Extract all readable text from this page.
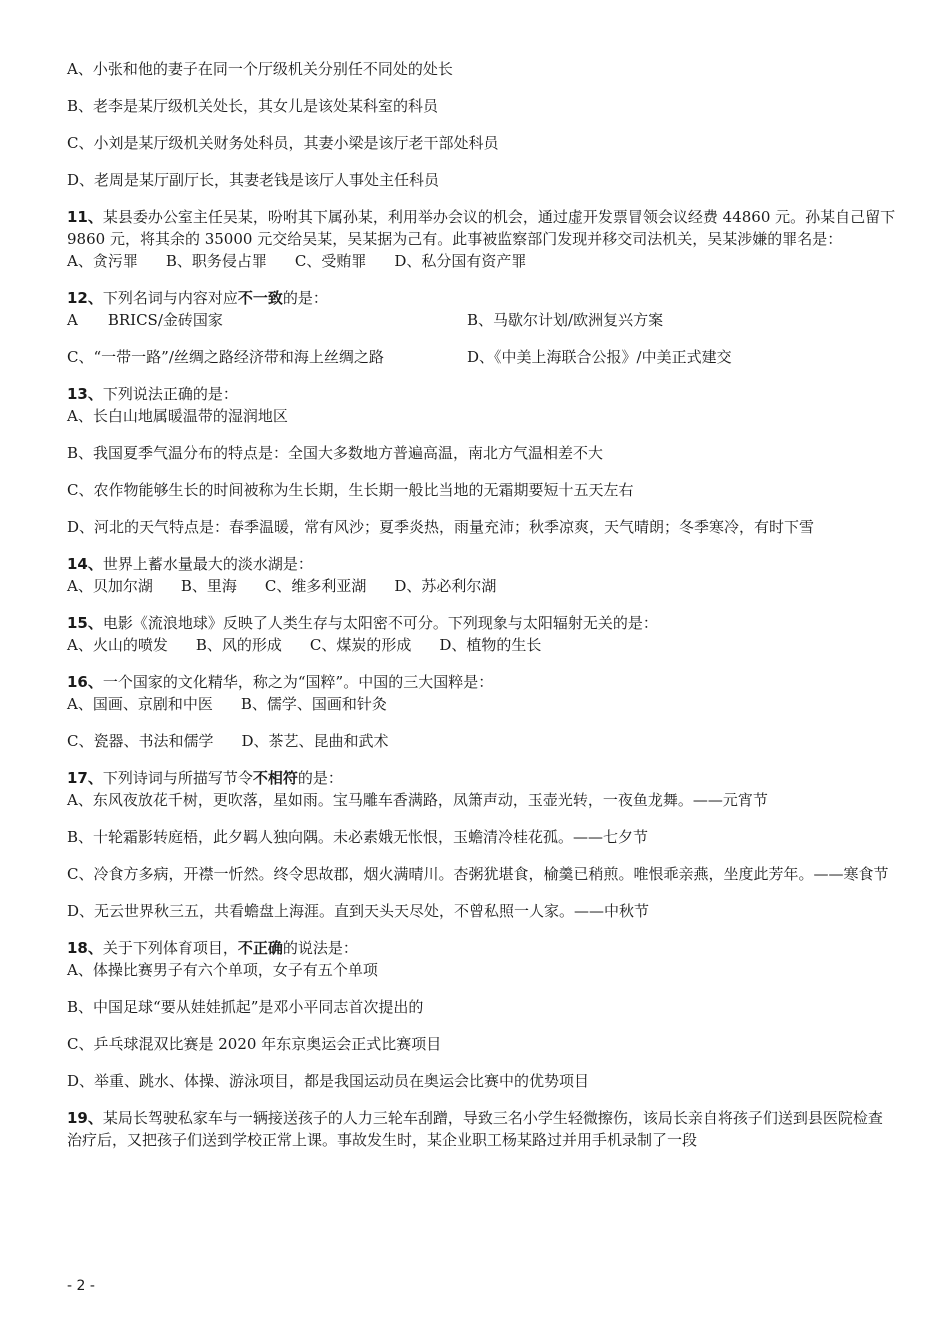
A、小张和他的妻子在同一个厅级机关分别任不同处的处长

B、老李是某厅级机关处长，其女儿是该处某科室的科员

C、小刘是某厅级机关财务处科员，其妻小梁是该厅老干部处科员

D、老周是某厅副厅长，其妻老钱是该厅人事处主任科员

11、某县委办公室主任吴某，吩咐其下属孙某，利用举办会议的机会，通过虚开发票冒领会议经费 44860 元。孙某自己留下 9860 元，将其余的 35000 元交给吴某，吴某据为己有。此事被监察部门发现并移交司法机关，吴某涉嫌的罪名是：

A、贪污罪 B、职务侵占罪 C、受贿罪 D、私分国有资产罪

12、下列名词与内容对应不一致的是：

A　　BRICS/金砖国家	B、马歇尔计划/欧洲复兴方案
C、“一带一路”/丝绸之路经济带和海上丝绸之路	D、《中美上海联合公报》/中美正式建交

13、下列说法正确的是：

A、长白山地属暖温带的湿润地区

B、我国夏季气温分布的特点是：全国大多数地方普遍高温，南北方气温相差不大

C、农作物能够生长的时间被称为生长期，生长期一般比当地的无霜期要短十五天左右

D、河北的天气特点是：春季温暖，常有风沙；夏季炎热，雨量充沛；秋季凉爽，天气晴朗；冬季寒冷，有时下雪

14、世界上蓄水量最大的淡水湖是：

A、贝加尔湖 B、里海 C、维多利亚湖 D、苏必利尔湖

15、电影《流浪地球》反映了人类生存与太阳密不可分。下列现象与太阳辐射无关的是：

A、火山的喷发 B、风的形成 C、煤炭的形成 D、植物的生长

16、一个国家的文化精华，称之为“国粹”。中国的三大国粹是：

A、国画、京剧和中医 B、儒学、国画和针灸

C、瓷器、书法和儒学 D、茶艺、昆曲和武术

17、下列诗词与所描写节令不相符的是：

A、东风夜放花千树，更吹落，星如雨。宝马雕车香满路，凤箫声动，玉壶光转，一夜鱼龙舞。——元宵节

B、十轮霜影转庭梧，此夕羁人独向隅。未必素娥无怅恨，玉蟾清冷桂花孤。——七夕节

C、冷食方多病，开襟一忻然。终令思故郡，烟火满晴川。杏粥犹堪食，榆羹已稍煎。唯恨乖亲燕，坐度此芳年。——寒食节

D、无云世界秋三五，共看蟾盘上海涯。直到天头天尽处，不曾私照一人家。——中秋节

18、关于下列体育项目，不正确的说法是：

A、体操比赛男子有六个单项，女子有五个单项

B、中国足球“要从娃娃抓起”是邓小平同志首次提出的

C、乒乓球混双比赛是 2020 年东京奥运会正式比赛项目

D、举重、跳水、体操、游泳项目，都是我国运动员在奥运会比赛中的优势项目

19、某局长驾驶私家车与一辆接送孩子的人力三轮车刮蹭，导致三名小学生轻微擦伤，该局长亲自将孩子们送到县医院检查治疗后，又把孩子们送到学校正常上课。事故发生时，某企业职工杨某路过并用手机录制了一段

- 2 -
